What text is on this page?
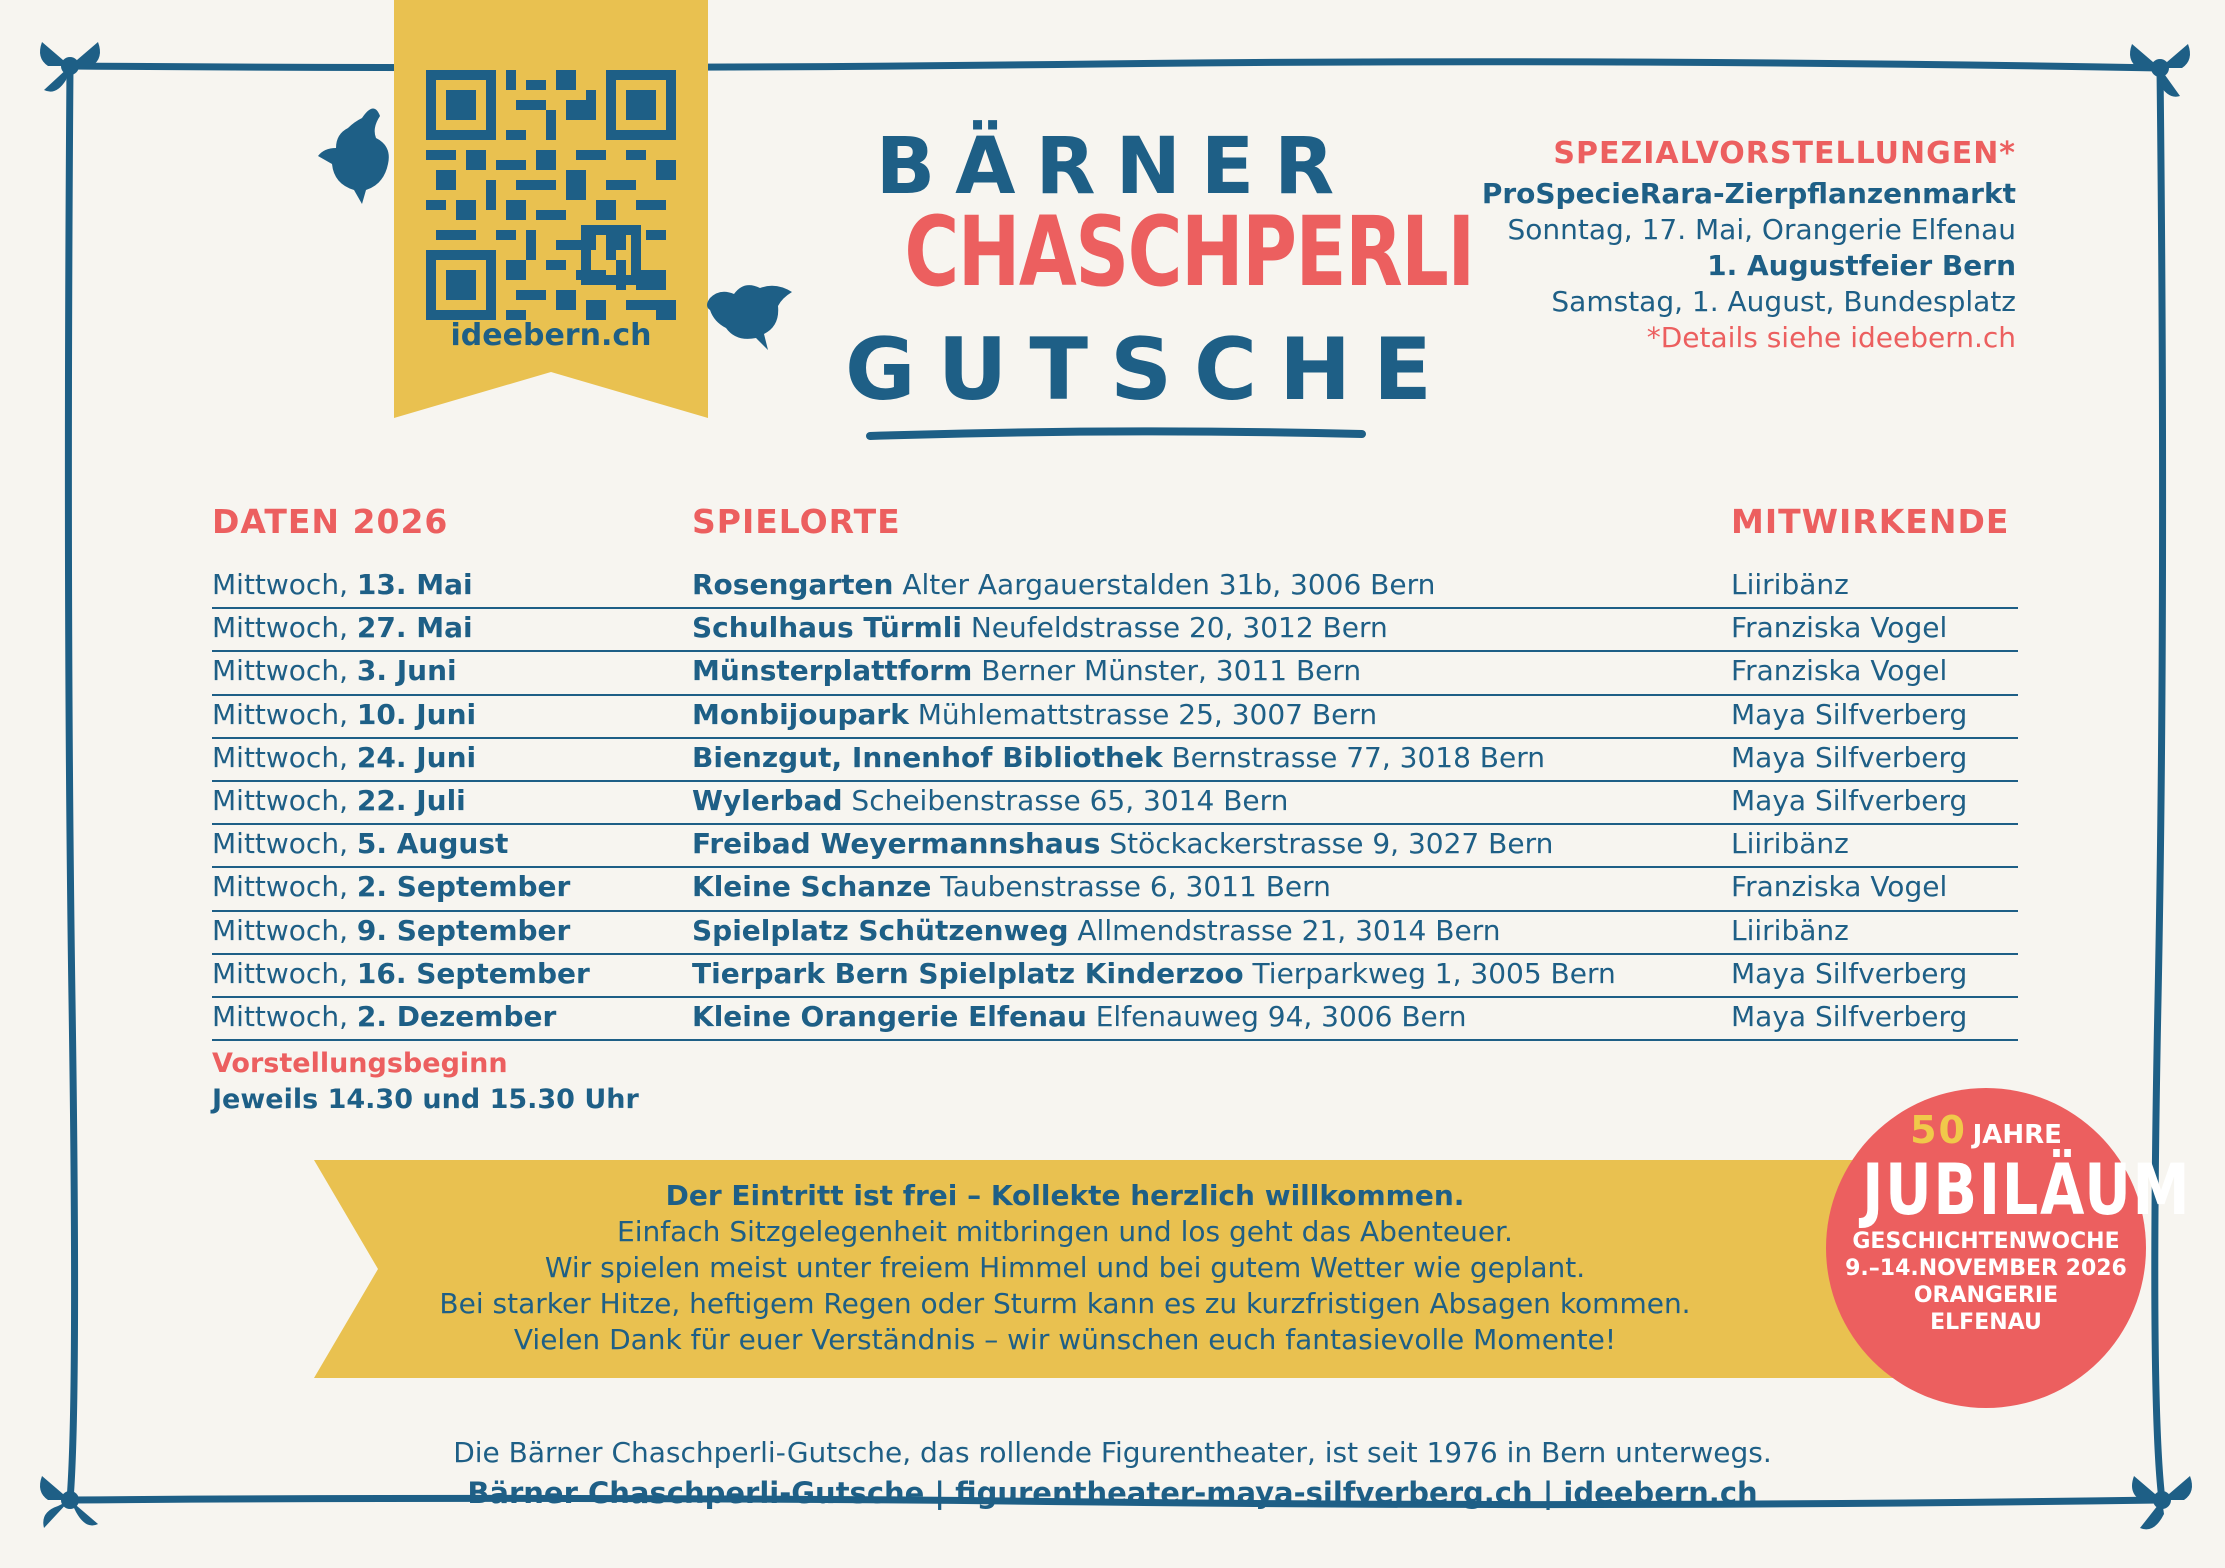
ideebern.ch
BÄRNER
CHASCHPERLI
GUTSCHE
SPEZIALVORSTELLUNGEN*
ProSpecieRara-Zierpflanzenmarkt
Sonntag, 17. Mai, Orangerie Elfenau
1. Augustfeier Bern
Samstag, 1. August, Bundesplatz
*Details siehe ideebern.ch
DATEN 2026	SPIELORTE	MITWIRKENDE
Mittwoch, 13. Mai	Rosengarten Alter Aargauerstalden 31b, 3006 Bern	Liiribänz
Mittwoch, 27. Mai	Schulhaus Türmli Neufeldstrasse 20, 3012 Bern	Franziska Vogel
Mittwoch, 3. Juni	Münsterplattform Berner Münster, 3011 Bern	Franziska Vogel
Mittwoch, 10. Juni	Monbijoupark Mühlemattstrasse 25, 3007 Bern	Maya Silfverberg
Mittwoch, 24. Juni	Bienzgut, Innenhof Bibliothek Bernstrasse 77, 3018 Bern	Maya Silfverberg
Mittwoch, 22. Juli	Wylerbad Scheibenstrasse 65, 3014 Bern	Maya Silfverberg
Mittwoch, 5. August	Freibad Weyermannshaus Stöckackerstrasse 9, 3027 Bern	Liiribänz
Mittwoch, 2. September	Kleine Schanze Taubenstrasse 6, 3011 Bern	Franziska Vogel
Mittwoch, 9. September	Spielplatz Schützenweg Allmendstrasse 21, 3014 Bern	Liiribänz
Mittwoch, 16. September	Tierpark Bern Spielplatz Kinderzoo Tierparkweg 1, 3005 Bern	Maya Silfverberg
Mittwoch, 2. Dezember	Kleine Orangerie Elfenau Elfenauweg 94, 3006 Bern	Maya Silfverberg
Vorstellungsbeginn
Jeweils 14.30 und 15.30 Uhr
Der Eintritt ist frei – Kollekte herzlich willkommen.
Einfach Sitzgelegenheit mitbringen und los geht das Abenteuer.
Wir spielen meist unter freiem Himmel und bei gutem Wetter wie geplant.
Bei starker Hitze, heftigem Regen oder Sturm kann es zu kurzfristigen Absagen kommen.
Vielen Dank für euer Verständnis – wir wünschen euch fantasievolle Momente!
50 JAHRE
JUBILÄUM
GESCHICHTENWOCHE
9.–14.NOVEMBER 2026
ORANGERIE
ELFENAU
Die Bärner Chaschperli-Gutsche, das rollende Figurentheater, ist seit 1976 in Bern unterwegs.
Bärner Chaschperli-Gutsche | figurentheater-maya-silfverberg.ch | ideebern.ch
